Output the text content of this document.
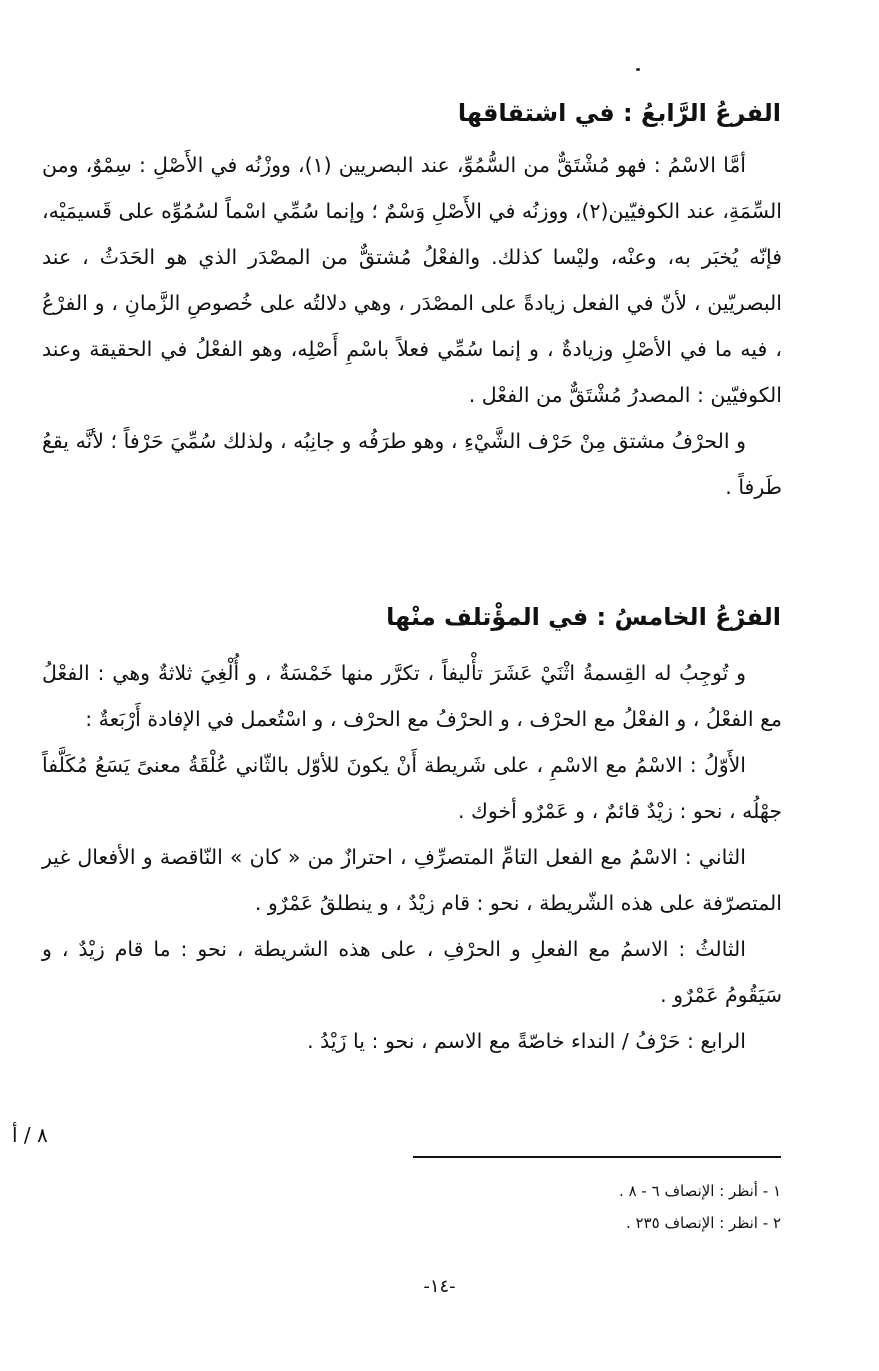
الفرعُ الرَّابعُ : في اشتقاقها

أمَّا الاسْمُ : فهو مُشْتَقٌّ من السُّمُوِّ، عند البصريين (١)، ووزْنُه في الأَصْلِ : سِمْوٌ، ومن السِّمَةِ، عند الكوفيّين(٢)، ووزنُه في الأَصْلِ وَسْمٌ ؛ وإنما سُمِّي اسْماً لسُمُوِّه على قَسيمَيْه، فإنّه يُخبَر به، وعنْه، وليْسا كذلك. والفعْلُ مُشتقٌّ من المصْدَر الذي هو الحَدَثُ ، عند البصريّين ، لأنّ في الفعل زيادةً على المصْدَر ، وهي دلالتُه على خُصوصِ الزَّمانِ ، و الفرْعُ ، فيه ما في الأصْلِ وزيادةٌ ، و إنما سُمِّي فعلاً باسْمِ أَصْلِه، وهو الفعْلُ في الحقيقة وعند الكوفيّين : المصدرُ مُشْتَقٌّ من الفعْل .

و الحرْفُ مشتق مِنْ حَرْف الشَّيْءِ ، وهو طرَفُه و جانِبُه ، ولذلك سُمِّيَ حَرْفاً ؛ لأنَّه يقعُ طَرفاً .

الفرْعُ الخامسُ : في المؤْتلف منْها

و تُوجِبُ له القِسمةُ اثْنَيْ عَشَرَ تأْليفاً ، تكرَّر منها خَمْسَةٌ ، و أُلْغِيَ ثلاثةٌ وهي : الفعْلُ مع الفعْلُ ، و الفعْلُ مع الحرْف ، و الحرْفُ مع الحرْف ، و اسْتُعمل في الإفادة أَرْبَعةٌ :

الأَوّلُ : الاسْمُ مع الاسْمِ ، على شَريطة أَنْ يكونَ للأوّل بالثّاني عُلْقَةُ معنىً يَسَعُ مُكَلَّفاً جهْلُه ، نحو : زيْدٌ قائمٌ ، و عَمْرٌو أخوك .

الثاني : الاسْمُ مع الفعل التامِّ المتصرِّفِ ، احترازٌ من « كان » النّاقصة و الأفعال غير المتصرّفة على هذه الشّريطة ، نحو : قام زيْدٌ ، و ينطلقُ عَمْرٌو .

الثالثُ : الاسمُ مع الفعلِ و الحرْفِ ، على هذه الشريطة ، نحو : ما قام زيْدٌ ، و سَيَقُومُ عَمْرٌو .

الرابع : حَرْفُ / النداء خاصّةً مع الاسم ، نحو : يا زَيْدُ .

٨ / أ
١ - أنظر : الإنصاف ٦ - ٨ .
٢ - انظر : الإنصاف ٢٣٥ .
-١٤-
